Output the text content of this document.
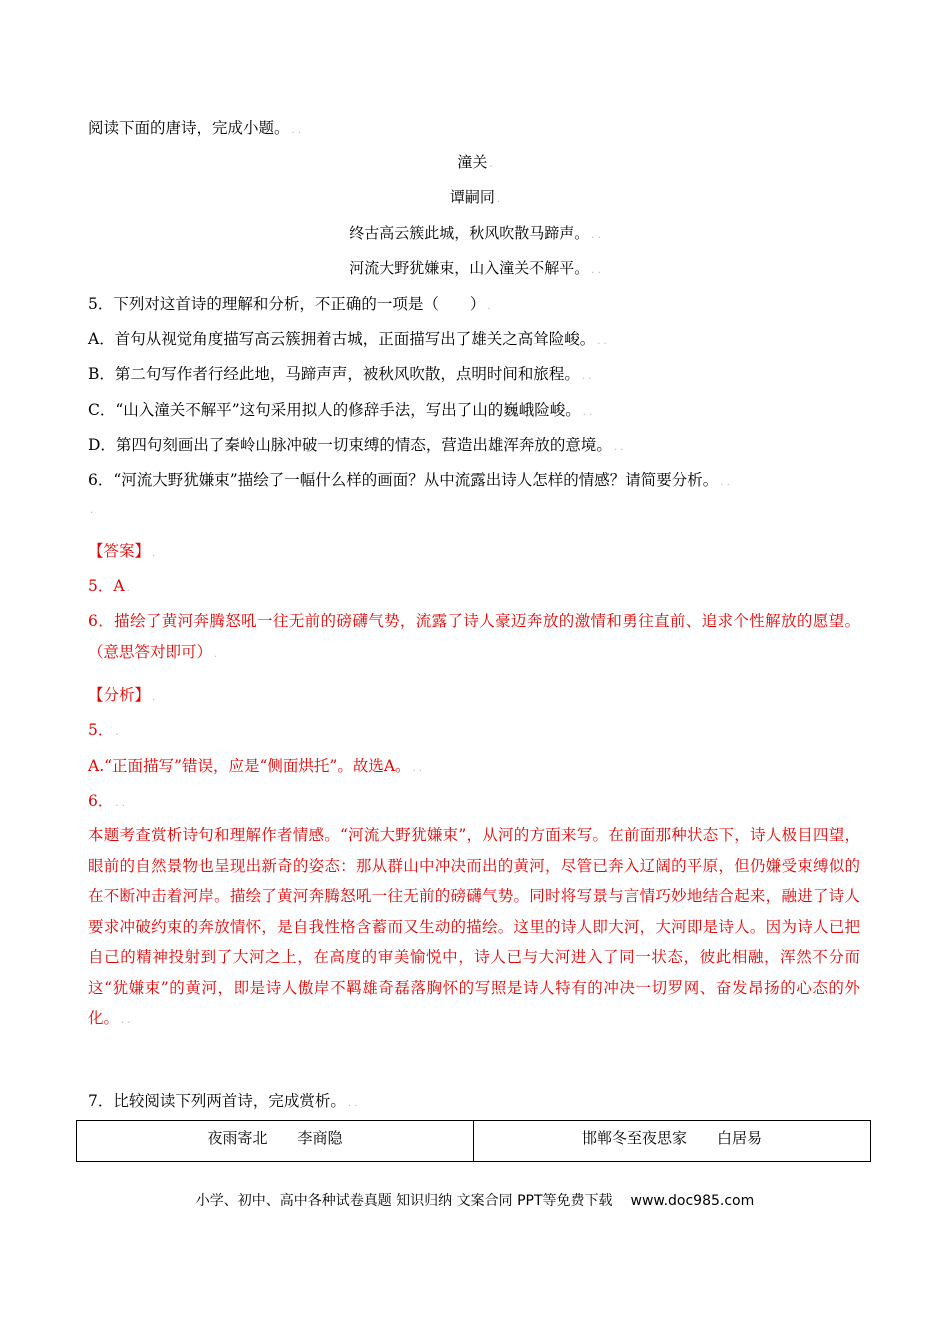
阅读下面的唐诗，完成小题。 . .
潼关 .
谭嗣同 .
终古高云簇此城，秋风吹散马蹄声。 . .
河流大野犹嫌束，山入潼关不解平。 . .
5．下列对这首诗的理解和分析，不正确的一项是（　　） .
A．首句从视觉角度描写高云簇拥着古城，正面描写出了雄关之高耸险峻。 . .
B．第二句写作者行经此地，马蹄声声，被秋风吹散，点明时间和旅程。 . .
C．“山入潼关不解平”这句采用拟人的修辞手法，写出了山的巍峨险峻。 . .
D．第四句刻画出了秦岭山脉冲破一切束缚的情态，营造出雄浑奔放的意境。 . .
6．“河流大野犹嫌束”描绘了一幅什么样的画面？从中流露出诗人怎样的情感？请简要分析。 . .
.
【答案】 .
5．A .
6．描绘了黄河奔腾怒吼一往无前的磅礴气势，流露了诗人豪迈奔放的激情和勇往直前、追求个性解放的愿望。（意思答对即可） .
【分析】 .
5． .
A.“正面描写”错误，应是“侧面烘托”。故选A。 . .
6． . .
本题考查赏析诗句和理解作者情感。“河流大野犹嫌束”，从河的方面来写。在前面那种状态下，诗人极目四望，眼前的自然景物也呈现出新奇的姿态：那从群山中冲决而出的黄河，尽管已奔入辽阔的平原，但仍嫌受束缚似的在不断冲击着河岸。描绘了黄河奔腾怒吼一往无前的磅礴气势。同时将写景与言情巧妙地结合起来，融进了诗人要求冲破约束的奔放情怀，是自我性格含蓄而又生动的描绘。这里的诗人即大河，大河即是诗人。因为诗人已把自己的精神投射到了大河之上，在高度的审美愉悦中，诗人已与大河进入了同一状态，彼此相融，浑然不分而这“犹嫌束”的黄河，即是诗人傲岸不羁雄奇磊落胸怀的写照是诗人特有的冲决一切罗网、奋发昂扬的心态的外化。 . .
7．比较阅读下列两首诗，完成赏析。 . .
夜雨寄北　　李商隐	邯郸冬至夜思家　　白居易
小学、初中、高中各种试卷真题 知识归纳 文案合同 PPT等免费下载 www.doc985.com
